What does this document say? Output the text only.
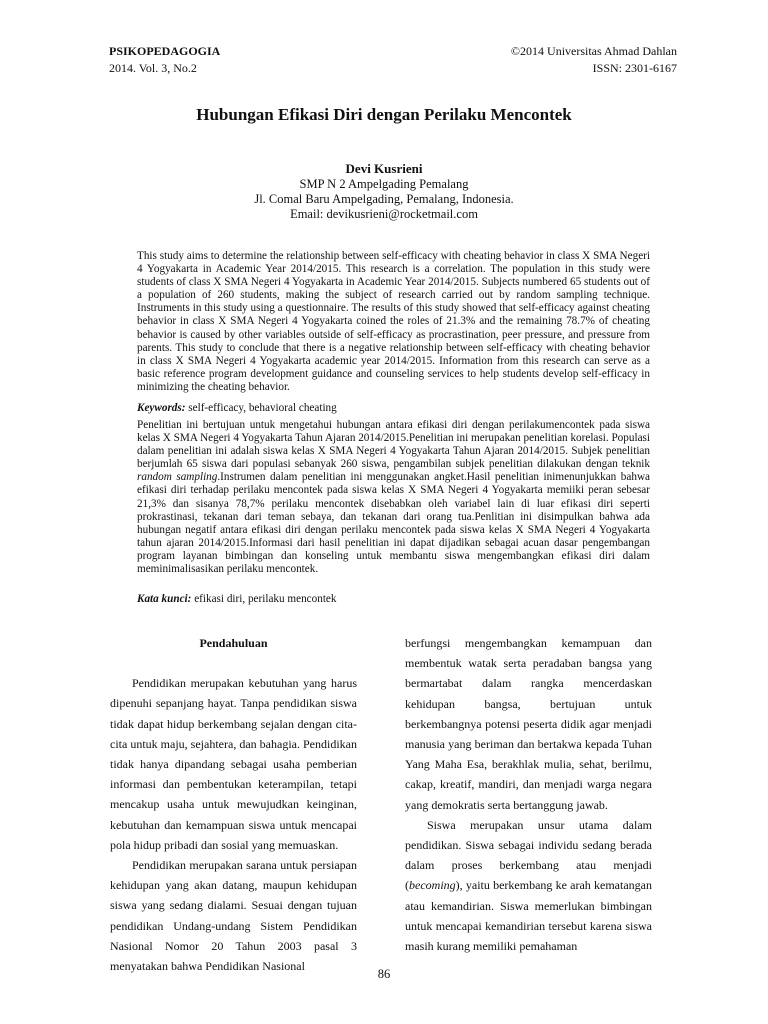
PSIKOPEDAGOGIA	©2014 Universitas Ahmad Dahlan
2014. Vol. 3, No.2	ISSN: 2301-6167
Hubungan Efikasi Diri dengan Perilaku Mencontek
Devi Kusrieni
SMP N 2 Ampelgading Pemalang
Jl. Comal Baru Ampelgading, Pemalang, Indonesia.
Email: devikusrieni@rocketmail.com

This study aims to determine the relationship between self-efficacy with cheating behavior in class X SMA Negeri 4 Yogyakarta in Academic Year 2014/2015. This research is a correlation. The population in this study were students of class X SMA Negeri 4 Yogyakarta in Academic Year 2014/2015. Subjects numbered 65 students out of a population of 260 students, making the subject of research carried out by random sampling technique. Instruments in this study using a questionnaire. The results of this study showed that self-efficacy against cheating behavior in class X SMA Negeri 4 Yogyakarta coined the roles of 21.3% and the remaining 78.7% of cheating behavior is caused by other variables outside of self-efficacy as procrastination, peer pressure, and pressure from parents. This study to conclude that there is a negative relationship between self-efficacy with cheating behavior in class X SMA Negeri 4 Yogyakarta academic year 2014/2015. Information from this research can serve as a basic reference program development guidance and counseling services to help students develop self-efficacy in minimizing the cheating behavior.

Keywords: self-efficacy, behavioral cheating

Penelitian ini bertujuan untuk mengetahui hubungan antara efikasi diri dengan perilakumencontek pada siswa kelas X SMA Negeri 4 Yogyakarta Tahun Ajaran 2014/2015.Penelitian ini merupakan penelitian korelasi. Populasi dalam penelitian ini adalah siswa kelas X SMA Negeri 4 Yogyakarta Tahun Ajaran 2014/2015. Subjek penelitian berjumlah 65 siswa dari populasi sebanyak 260 siswa, pengambilan subjek penelitian dilakukan dengan teknik random sampling.Instrumen dalam penelitian ini menggunakan angket.Hasil penelitian inimenunjukkan bahwa efikasi diri terhadap perilaku mencontek pada siswa kelas X SMA Negeri 4 Yogyakarta memiiki peran sebesar 21,3% dan sisanya 78,7% perilaku mencontek disebabkan oleh variabel lain di luar efikasi diri seperti prokrastinasi, tekanan dari teman sebaya, dan tekanan dari orang tua.Penlitian ini disimpulkan bahwa ada hubungan negatif antara efikasi diri dengan perilaku mencontek pada siswa kelas X SMA Negeri 4 Yogyakarta tahun ajaran 2014/2015.Informasi dari hasil penelitian ini dapat dijadikan sebagai acuan dasar pengembangan program layanan bimbingan dan konseling untuk membantu siswa mengembangkan efikasi diri dalam meminimalisasikan perilaku mencontek.

Kata kunci: efikasi diri, perilaku mencontek

Pendahuluan

Pendidikan merupakan kebutuhan yang harus dipenuhi sepanjang hayat. Tanpa pendidikan siswa tidak dapat hidup berkembang sejalan dengan cita-cita untuk maju, sejahtera, dan bahagia. Pendidikan tidak hanya dipandang sebagai usaha pemberian informasi dan pembentukan keterampilan, tetapi mencakup usaha untuk mewujudkan keinginan, kebutuhan dan kemampuan siswa untuk mencapai pola hidup pribadi dan sosial yang memuaskan.

Pendidikan merupakan sarana untuk persiapan kehidupan yang akan datang, maupun kehidupan siswa yang sedang dialami. Sesuai dengan tujuan pendidikan Undang-undang Sistem Pendidikan Nasional Nomor 20 Tahun 2003 pasal 3 menyatakan bahwa Pendidikan Nasional

berfungsi mengembangkan kemampuan dan membentuk watak serta peradaban bangsa yang bermartabat dalam rangka mencerdaskan kehidupan bangsa, bertujuan untuk berkembangnya potensi peserta didik agar menjadi manusia yang beriman dan bertakwa kepada Tuhan Yang Maha Esa, berakhlak mulia, sehat, berilmu, cakap, kreatif, mandiri, dan menjadi warga negara yang demokratis serta bertanggung jawab.

Siswa merupakan unsur utama dalam pendidikan. Siswa sebagai individu sedang berada dalam proses berkembang atau menjadi (becoming), yaitu berkembang ke arah kematangan atau kemandirian. Siswa memerlukan bimbingan untuk mencapai kemandirian tersebut karena siswa masih kurang memiliki pemahaman

86
